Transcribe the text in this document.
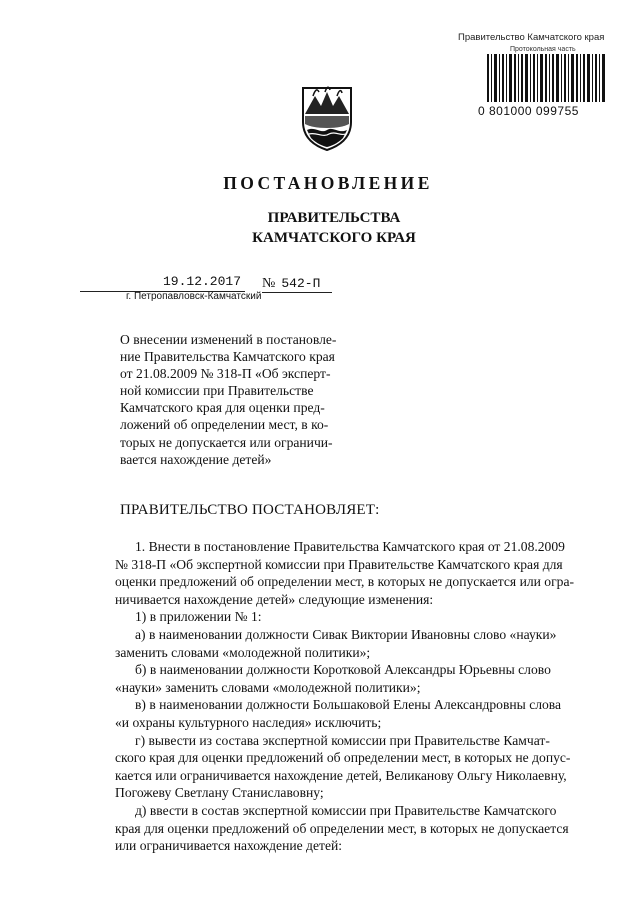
Правительство Камчатского края
Протокольная часть
0 801000 099755
ПОСТАНОВЛЕНИЕ
ПРАВИТЕЛЬСТВА
КАМЧАТСКОГО КРАЯ
19.12.2017 № 542-П
г. Петропавловск-Камчатский
О внесении изменений в постановле-
ние Правительства Камчатского края
от 21.08.2009 № 318-П «Об эксперт-
ной комиссии при Правительстве
Камчатского края для оценки пред-
ложений об определении мест, в ко-
торых не допускается или ограничи-
вается нахождение детей»
ПРАВИТЕЛЬСТВО ПОСТАНОВЛЯЕТ:
1. Внести в постановление Правительства Камчатского края от 21.08.2009
№ 318-П «Об экспертной комиссии при Правительстве Камчатского края для
оценки предложений об определении мест, в которых не допускается или огра-
ничивается нахождение детей» следующие изменения:
1) в приложении № 1:
а) в наименовании должности Сивак Виктории Ивановны слово «науки»
заменить словами «молодежной политики»;
б) в наименовании должности Коротковой Александры Юрьевны слово
«науки» заменить словами «молодежной политики»;
в) в наименовании должности Большаковой Елены Александровны слова
«и охраны культурного наследия» исключить;
г) вывести из состава экспертной комиссии при Правительстве Камчат-
ского края для оценки предложений об определении мест, в которых не допус-
кается или ограничивается нахождение детей, Великанову Ольгу Николаевну,
Погожеву Светлану Станиславовну;
д) ввести в состав экспертной комиссии при Правительстве Камчатского
края для оценки предложений об определении мест, в которых не допускается
или ограничивается нахождение детей:
